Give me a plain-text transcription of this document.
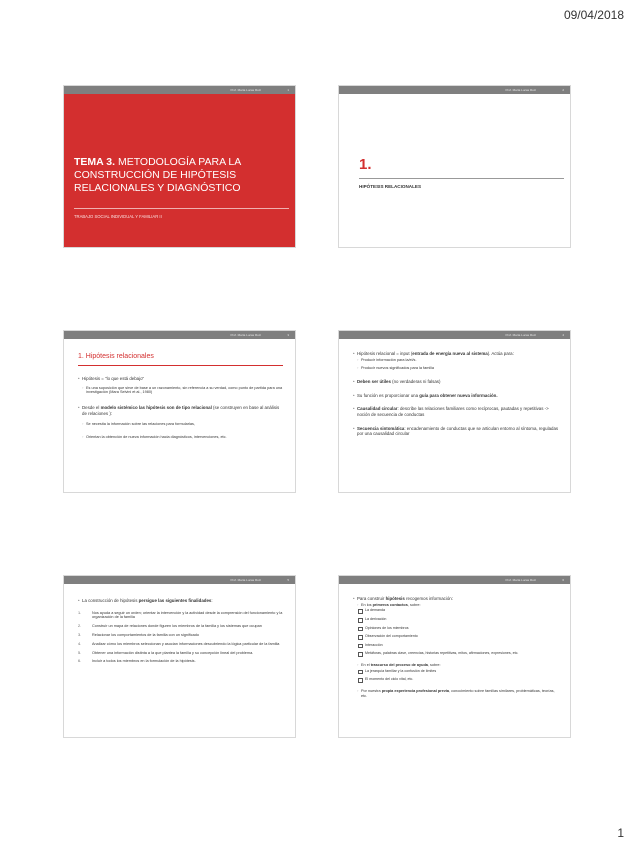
09/04/2018
Prof. Marta Lucas Ruiz	1
TEMA 3. METODOLOGÍA PARA LA CONSTRUCCIÓN DE HIPÓTESIS RELACIONALES Y DIAGNÓSTICO
TRABAJO SOCIAL INDIVIDUAL Y FAMILIAR II
Prof. Marta Lucas Ruiz	2
1.
HIPÓTESIS RELACIONALES
Prof. Marta Lucas Ruiz	3
1. Hipótesis relacionales

• Hipótesis = "lo que está debajo"

◦ Es una suposición que sirve de base a un razonamiento, sin referencia a su verdad, como punto de partida para una investigación (Mara Selvini et al., 1980)

• Desde el modelo sistémico las hipótesis son de tipo relacional (se construyen en base al análisis de relaciones ):

◦ Se necesita la información sobre las relaciones para formularlas,

◦ Orientan la obtención de nueva información hacia diagnósticos, intervenciones, etc.

Prof. Marta Lucas Ruiz	4

• Hipótesis relacional = input (entrada de energía nueva al sistema). Actúa para:

◦ Producir información para la/el/s.

◦ Producir nuevos significados para la familia

• Deben ser útiles (no verdaderas ni falsas)

• Su función es proporcionar una guía para obtener nueva información.

• Causalidad circular: describe las relaciones familiares como recíprocas, pautadas y repetitivas -> noción de secuencia de conductas

• Secuencia sintomática: encadenamiento de conductas que se articulan entorno al síntoma, reguladas por una causalidad circular

Prof. Marta Lucas Ruiz	5

• La construcción de hipótesis persigue las siguientes finalidades:

1.	Nos ayuda a seguir un orden; orientar la intervención y la actividad desde la comprensión del funcionamiento y la organización de la familia
2.	Construir un mapa de relaciones donde figuren los miembros de la familia y los sistemas que ocupan
3.	Relacionar los comportamientos de la familia con un significado
4.	Analizar cómo los miembros seleccionan y asocian informaciones descubriendo la lógica particular de la familia
5.	Obtener una información distinta a la que plantea la familia y su concepción lineal del problema.
6.	Incluir a todos los miembros en la formulación de la hipótesis.
Prof. Marta Lucas Ruiz	6

• Para construir hipótesis recogemos información:

◦ En los primeros contactos, sobre:

La demanda

La derivación

Opiniones de los miembros

Observación del comportamiento

Interacción

Metáforas, palabras clave, creencias, historias repetitivas, mitos, afirmaciones, expresiones, etc.

◦ En el trascurso del proceso de ayuda, sobre:

La jerarquía familiar y la confusión de límites

El momento del ciclo vital, etc.

◦ Por nuestra propia experiencia profesional previa, conocimiento sobre familias similares, problemáticas, teorías, etc.

1
